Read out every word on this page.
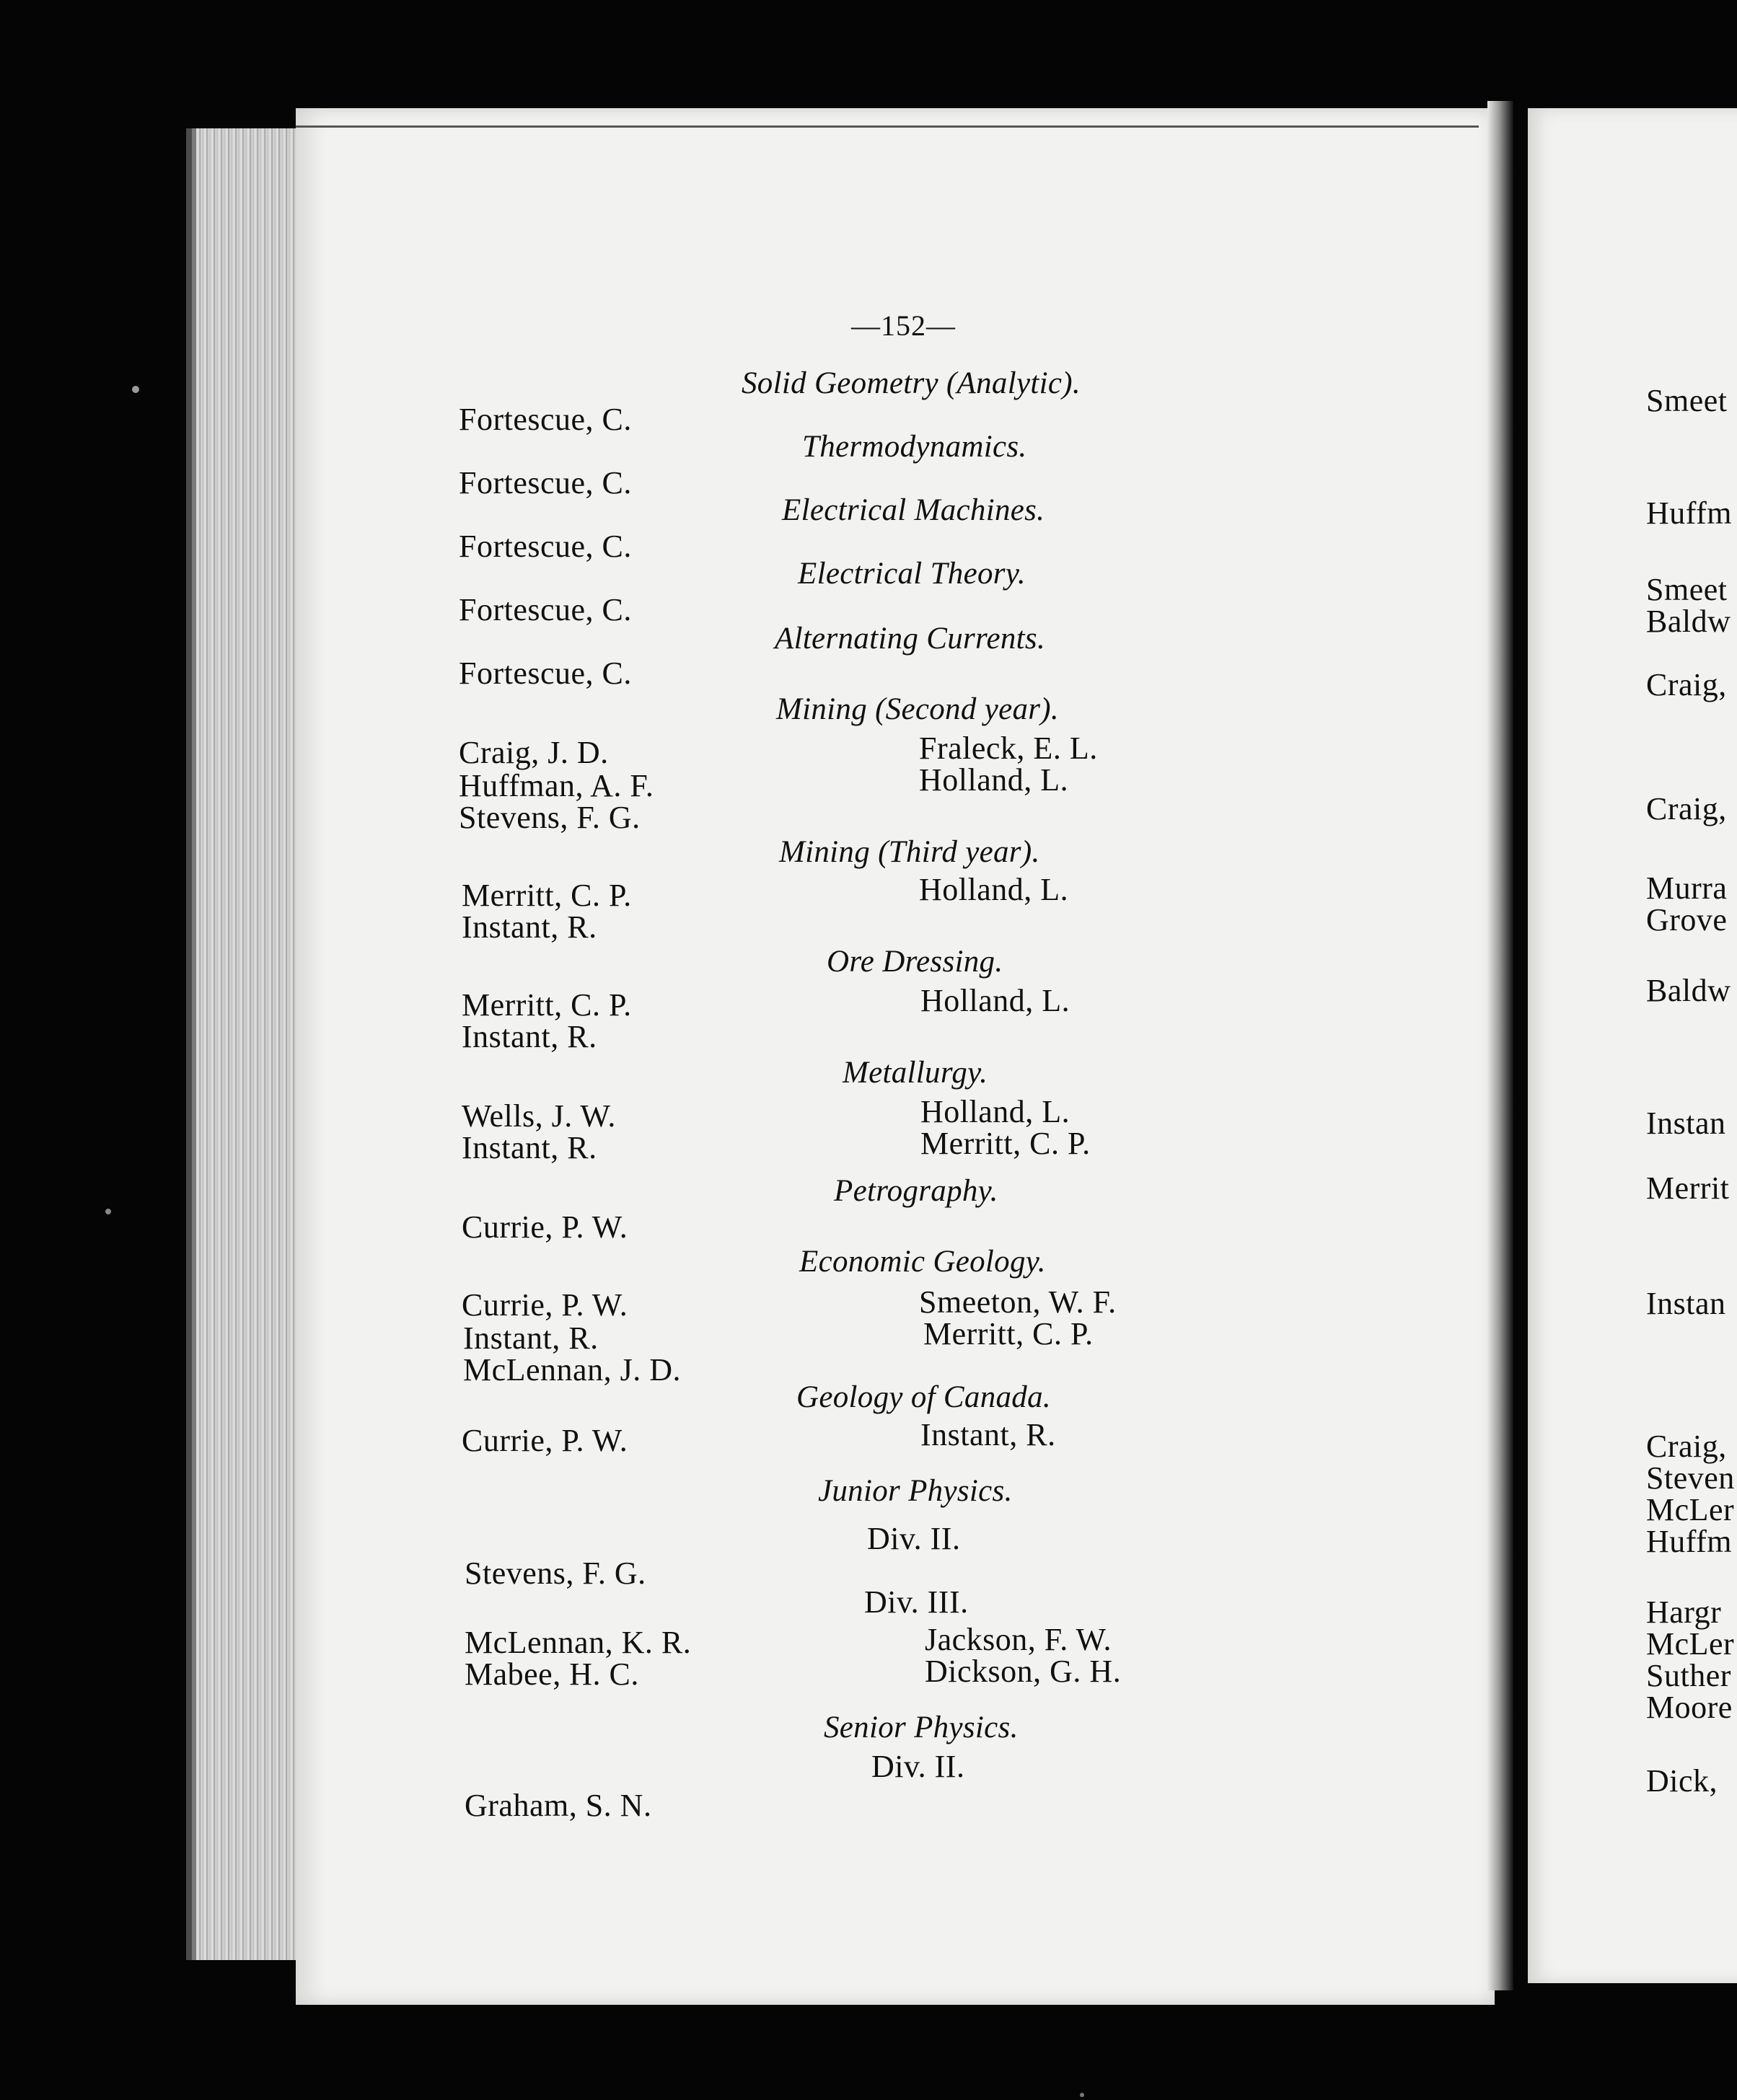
—152—
Solid Geometry (Analytic).
Thermodynamics.
Electrical Machines.
Electrical Theory.
Alternating Currents.
Mining (Second year).
Mining (Third year).
Ore Dressing.
Metallurgy.
Petrography.
Economic Geology.
Geology of Canada.
Junior Physics.
Senior Physics.
Div. II.
Div. III.
Div. II.
Fortescue, C.
Fortescue, C.
Fortescue, C.
Fortescue, C.
Fortescue, C.
Craig, J. D.
Huffman, A. F.
Stevens, F. G.
Merritt, C. P.
Instant, R.
Merritt, C. P.
Instant, R.
Wells, J. W.
Instant, R.
Currie, P. W.
Currie, P. W.
Instant, R.
McLennan, J. D.
Currie, P. W.
Stevens, F. G.
McLennan, K. R.
Mabee, H. C.
Graham, S. N.
Fraleck, E. L.
Holland, L.
Holland, L.
Holland, L.
Holland, L.
Merritt, C. P.
Smeeton, W. F.
Merritt, C. P.
Instant, R.
Jackson, F. W.
Dickson, G. H.
Smeet
Huffm
Smeet
Baldw
Craig,
Craig,
Murra
Grove
Baldw
Instan
Merrit
Instan
Craig,
Steven
McLer
Huffm
Hargr
McLer
Suther
Moore
Dick,
